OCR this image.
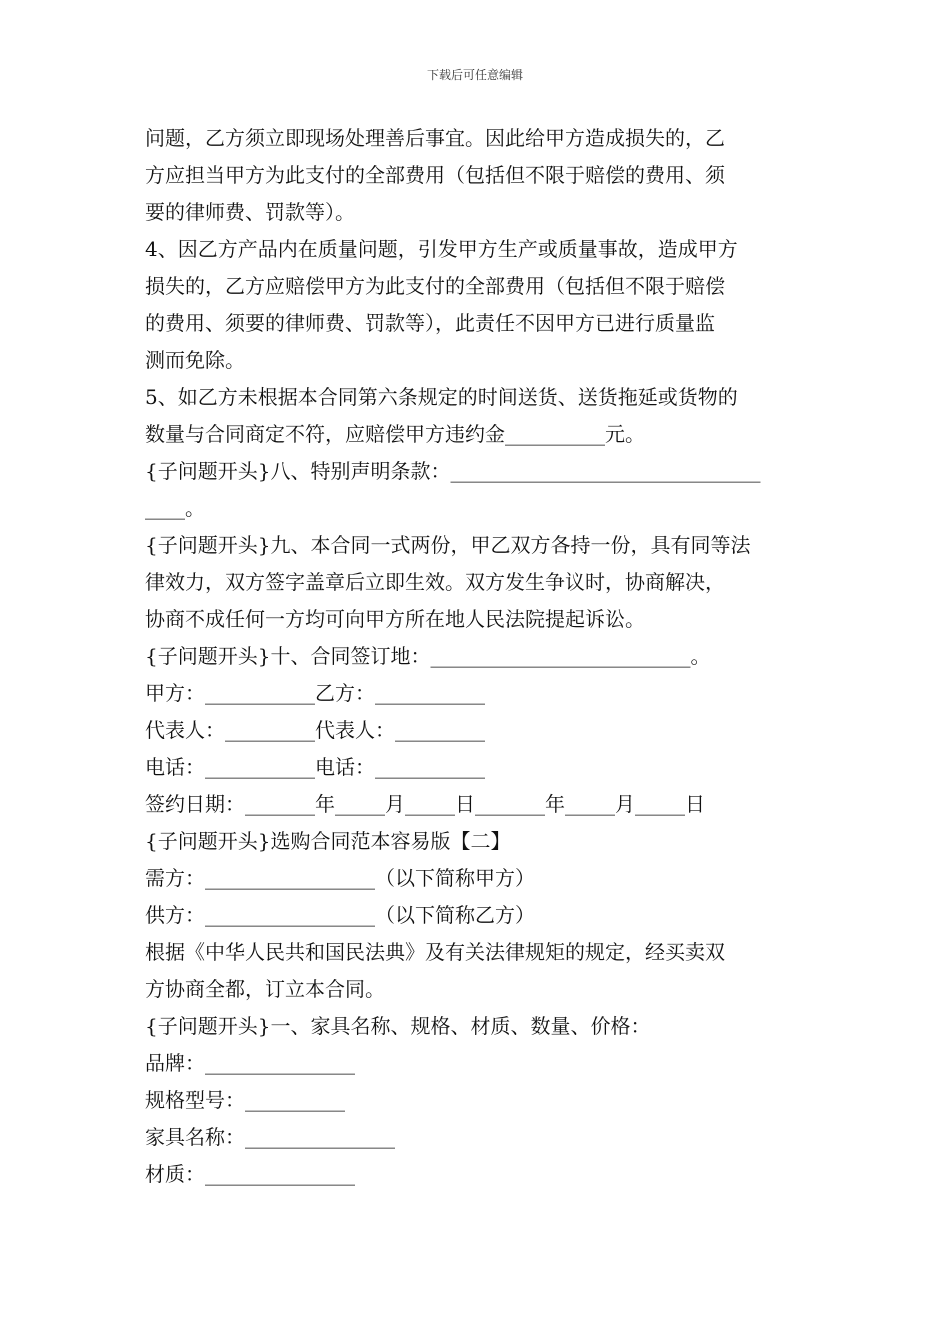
下载后可任意编辑
问题，乙方须立即现场处理善后事宜。因此给甲方造成损失的，乙
方应担当甲方为此支付的全部费用（包括但不限于赔偿的费用、须
要的律师费、罚款等）。
4、因乙方产品内在质量问题，引发甲方生产或质量事故，造成甲方
损失的，乙方应赔偿甲方为此支付的全部费用（包括但不限于赔偿
的费用、须要的律师费、罚款等），此责任不因甲方已进行质量监
测而免除。
5、如乙方未根据本合同第六条规定的时间送货、送货拖延或货物的
数量与合同商定不符，应赔偿甲方违约金__________元。
{子问题开头}八、特别声明条款：_______________________________
____。
{子问题开头}九、本合同一式两份，甲乙双方各持一份，具有同等法
律效力，双方签字盖章后立即生效。双方发生争议时，协商解决，
协商不成任何一方均可向甲方所在地人民法院提起诉讼。
{子问题开头}十、合同签订地：__________________________。
甲方：___________乙方：___________
代表人：_________代表人：_________
电话：___________电话：___________
签约日期：_______年_____月_____日_______年_____月_____日
{子问题开头}选购合同范本容易版【二】
需方：_________________（以下简称甲方）
供方：_________________（以下简称乙方）
根据《中华人民共和国民法典》及有关法律规矩的规定，经买卖双
方协商全都，订立本合同。
{子问题开头}一、家具名称、规格、材质、数量、价格：
品牌：_______________
规格型号：__________
家具名称：_______________
材质：_______________
